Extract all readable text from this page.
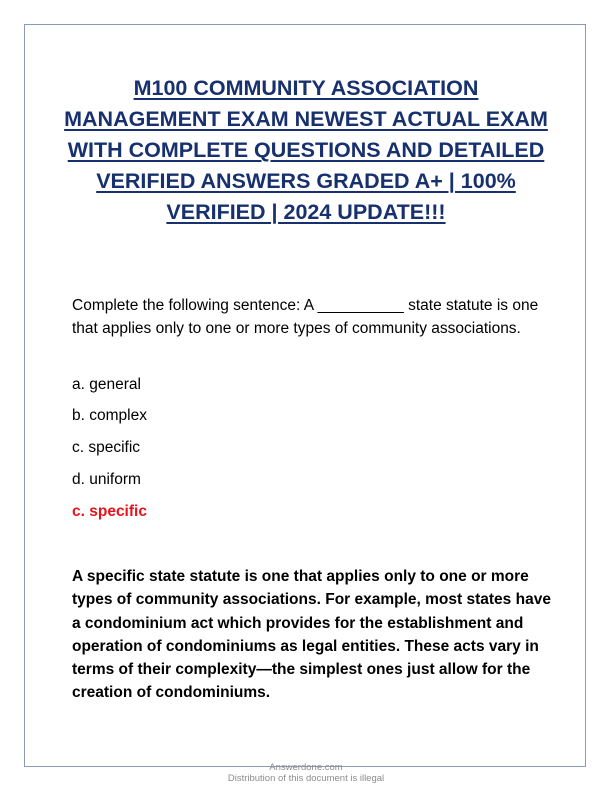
M100 COMMUNITY ASSOCIATION MANAGEMENT EXAM NEWEST ACTUAL EXAM WITH COMPLETE QUESTIONS AND DETAILED VERIFIED ANSWERS GRADED A+ | 100% VERIFIED | 2024 UPDATE!!!
Complete the following sentence: A __________ state statute is one that applies only to one or more types of community associations.
a. general
b. complex
c. specific
d. uniform
c. specific
A specific state statute is one that applies only to one or more types of community associations. For example, most states have a condominium act which provides for the establishment and operation of condominiums as legal entities. These acts vary in terms of their complexity—the simplest ones just allow for the creation of condominiums.
Answerdone.com
Distribution of this document is illegal
